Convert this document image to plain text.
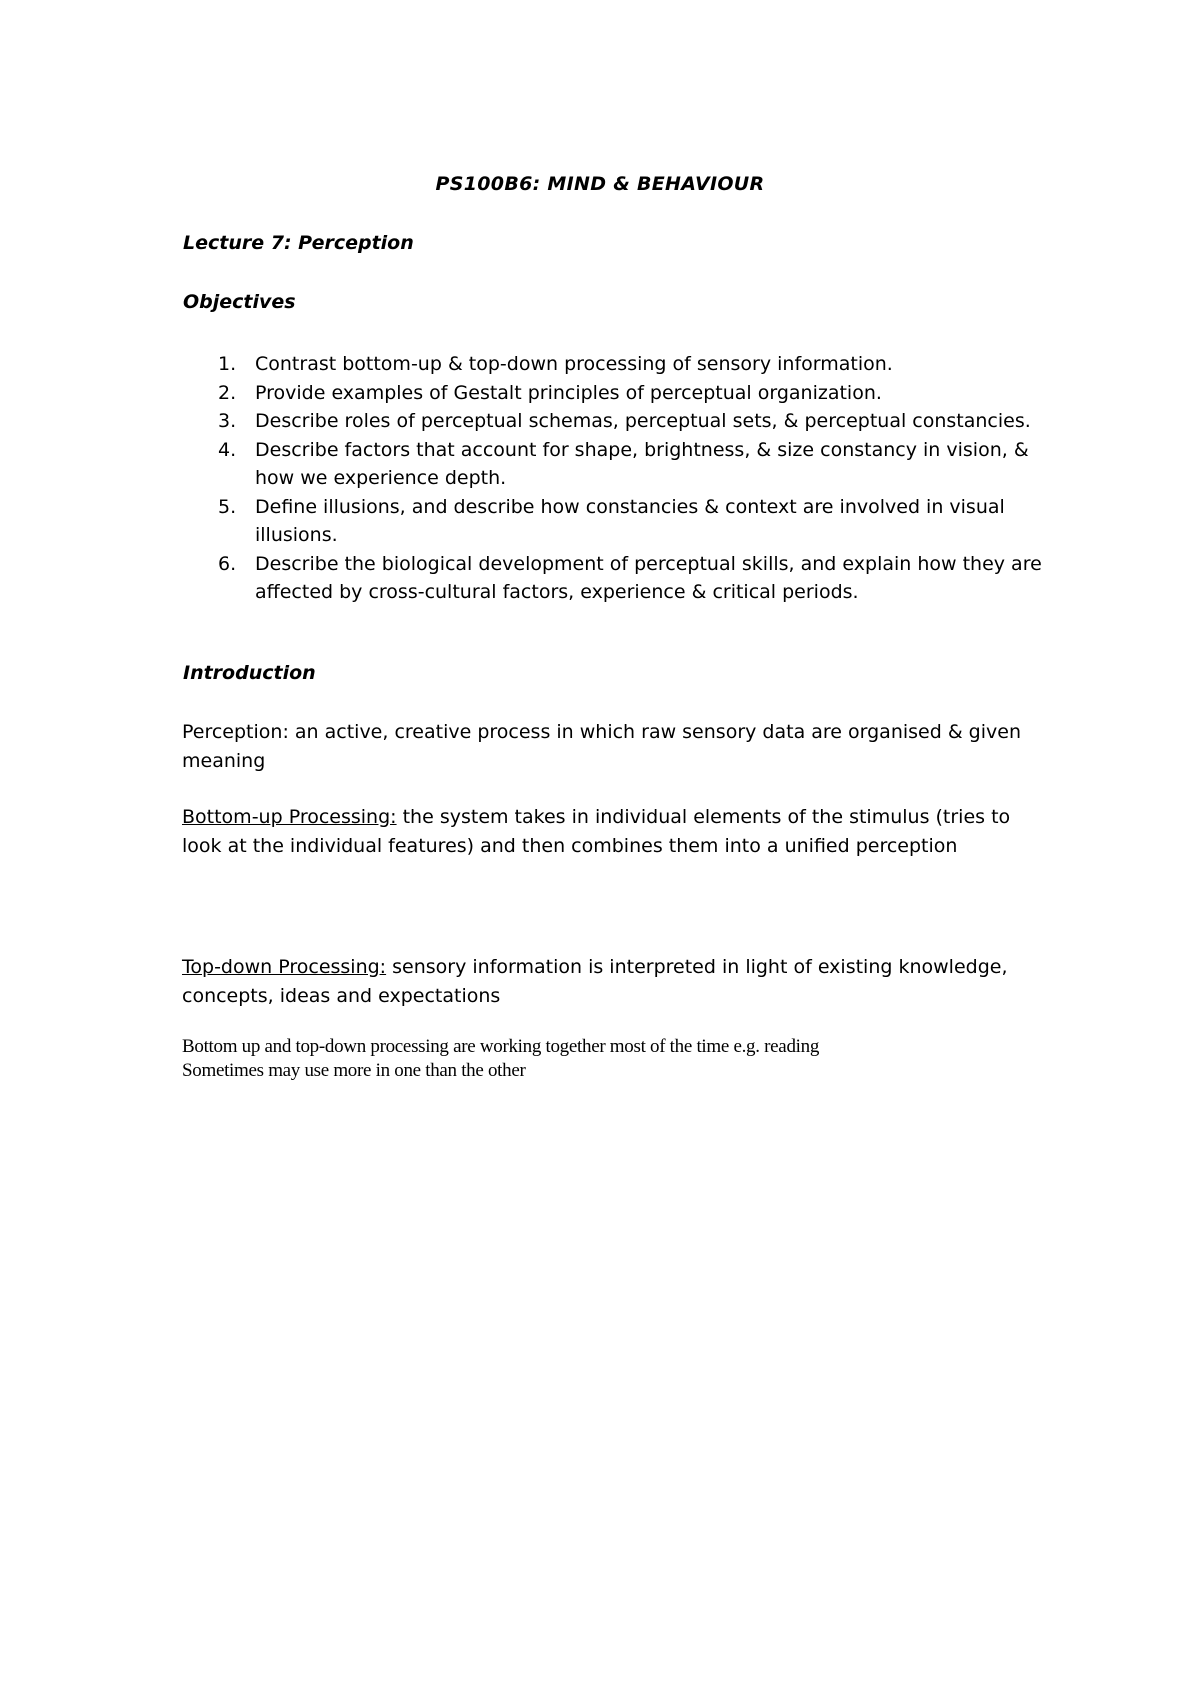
PS100B6: MIND & BEHAVIOUR
Lecture 7: Perception
Objectives
1. Contrast bottom-up & top-down processing of sensory information.
2. Provide examples of Gestalt principles of perceptual organization.
3. Describe roles of perceptual schemas, perceptual sets, & perceptual constancies.
4. Describe factors that account for shape, brightness, & size constancy in vision, & how we experience depth.
5. Define illusions, and describe how constancies & context are involved in visual illusions.
6. Describe the biological development of perceptual skills, and explain how they are affected by cross-cultural factors, experience & critical periods.
Introduction

Perception: an active, creative process in which raw sensory data are organised & given meaning

Bottom-up Processing: the system takes in individual elements of the stimulus (tries to look at the individual features) and then combines them into a unified perception

Top-down Processing: sensory information is interpreted in light of existing knowledge, concepts, ideas and expectations

Bottom up and top-down processing are working together most of the time e.g. reading
Sometimes may use more in one than the other
